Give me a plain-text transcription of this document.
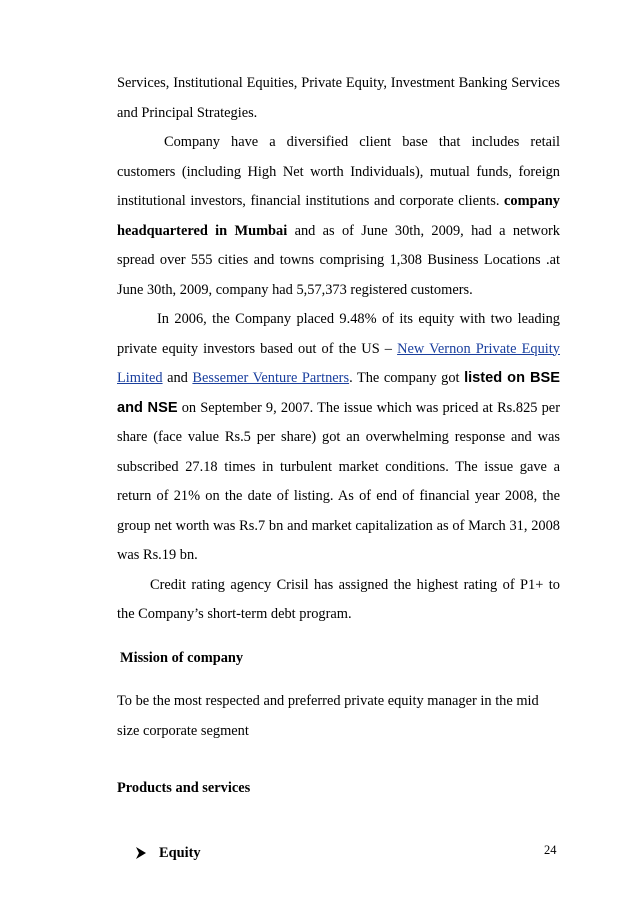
Services, Institutional Equities, Private Equity, Investment Banking Services and Principal Strategies.

Company have a diversified client base that includes retail customers (including High Net worth Individuals), mutual funds, foreign institutional investors, financial institutions and corporate clients. company headquartered in Mumbai and as of June 30th, 2009, had a network spread over 555 cities and towns comprising 1,308 Business Locations .at June 30th, 2009, company had 5,57,373 registered customers.

In 2006, the Company placed 9.48% of its equity with two leading private equity investors based out of the US – New Vernon Private Equity Limited and Bessemer Venture Partners. The company got listed on BSE and NSE on September 9, 2007. The issue which was priced at Rs.825 per share (face value Rs.5 per share) got an overwhelming response and was subscribed 27.18 times in turbulent market conditions. The issue gave a return of 21% on the date of listing. As of end of financial year 2008, the group net worth was Rs.7 bn and market capitalization as of March 31, 2008 was Rs.19 bn.

Credit rating agency Crisil has assigned the highest rating of P1+ to the Company’s short-term debt program.

Mission of company

To be the most respected and preferred private equity manager in the mid size corporate segment

Products and services

Equity	24
